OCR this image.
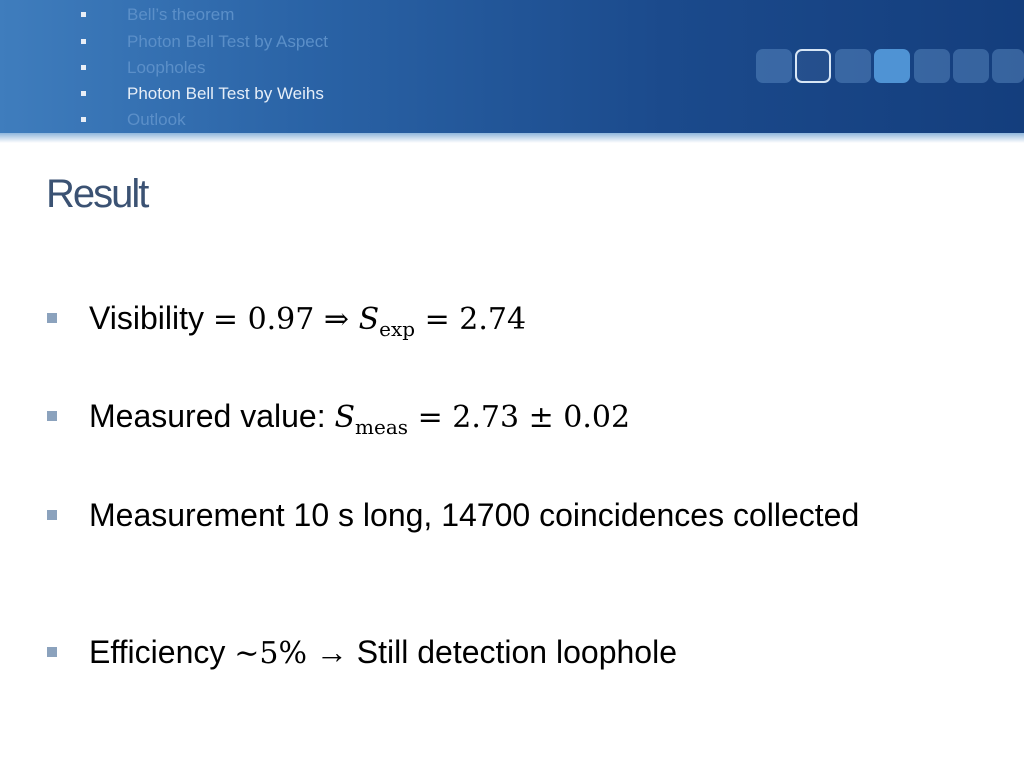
Bell’s theorem
Photon Bell Test by Aspect
Loopholes
Photon Bell Test by Weihs
Outlook
Result
Visibility = 0.97 ⇒ $S_{exp} = 2.74$
Measured value: $S_{meas} = 2.73 \pm 0.02$
Measurement 10 s long, 14700 coincidences collected
Efficiency ∼5% → Still detection loophole
